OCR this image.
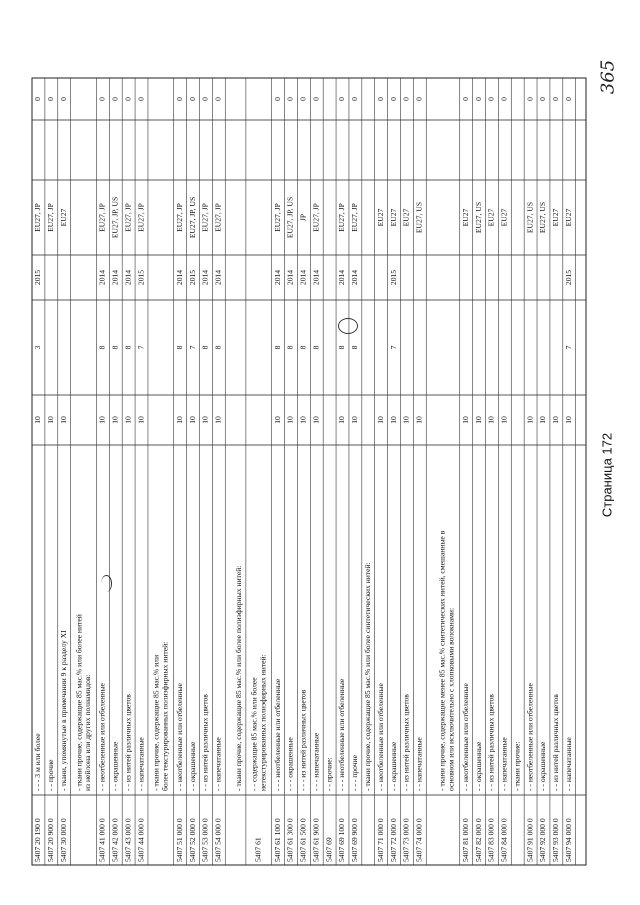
365
5407 20 190 0
- - - 3 м или более
10
3
2015
EU27, JP
0
5407 20 900 0
- - прочие
10
EU27, JP
0
5407 30 000 0
- ткани, упомянутые в примечании 9 к разделу XI
10
EU27
0
- ткани прочие, содержащие 85 мас.% или более нитейиз нейлона или других полиамидов:
5407 41 000 0
- - неотбеленные или отбеленные
10
8
2014
EU27, JP
0
5407 42 000 0
- - окрашенные
10
8
2014
EU27, JP, US
0
5407 43 000 0
- - из нитей различных цветов
10
8
2014
EU27, JP
0
5407 44 000 0
- - напечатанные
10
7
2015
EU27, JP
0
- ткани прочие, содержащие 85 мас.% илиболее текстурированных полиэфирных нитей:
5407 51 000 0
- - неотбеленные или отбеленные
10
8
2014
EU27, JP
0
5407 52 000 0
- - окрашенные
10
7
2015
EU27, JP, US
0
5407 53 000 0
- - из нитей различных цветов
10
8
2014
EU27, JP
0
5407 54 000 0
- - напечатанные
10
8
2014
EU27, JP
0
- ткани прочие, содержащие 85 мас.% или более полиэфирных нитей:
5407 61
- - содержащие 85 мас.% или болеенетекстурированных полиэфирных нитей:
5407 61 100 0
- - - неотбеленные или отбеленные
10
8
2014
EU27, JP
0
5407 61 300 0
- - - окрашенные
10
8
2014
EU27, JP, US
0
5407 61 500 0
- - - из нитей различных цветов
10
8
2014
JP
0
5407 61 900 0
- - - напечатанные
10
8
2014
EU27, JP
0
5407 69
- - прочие:
5407 69 100 0
- - - неотбеленные или отбеленные
10
8
2014
EU27, JP
0
5407 69 900 0
- - - прочие
10
8
2014
EU27, JP
0
- ткани прочие, содержащие 85 мас.% или более синтетических нитей:
5407 71 000 0
- - неотбеленные или отбеленные
10
EU27
0
5407 72 000 0
- - окрашенные
10
7
2015
EU27
0
5407 73 000 0
- - из нитей различных цветов
10
EU27
0
5407 74 000 0
- - напечатанные
10
EU27, US
0
- ткани прочие, содержащие менее 85 мас.% синтетических нитей, смешанные восновном или исключительно с хлопковыми волокнами:
5407 81 000 0
- - неотбеленные или отбеленные
10
EU27
0
5407 82 000 0
- - окрашенные
10
EU27, US
0
5407 83 000 0
- - из нитей различных цветов
10
EU27
0
5407 84 000 0
- - напечатанные
10
EU27
0
- ткани прочие:
5407 91 000 0
- - неотбеленные или отбеленные
10
EU27, US
0
5407 92 000 0
- - окрашенные
10
EU27, US
0
5407 93 000 0
- - из нитей различных цветов
10
EU27
0
5407 94 000 0
- - напечатанные
10
7
2015
EU27
0
Страница 172
